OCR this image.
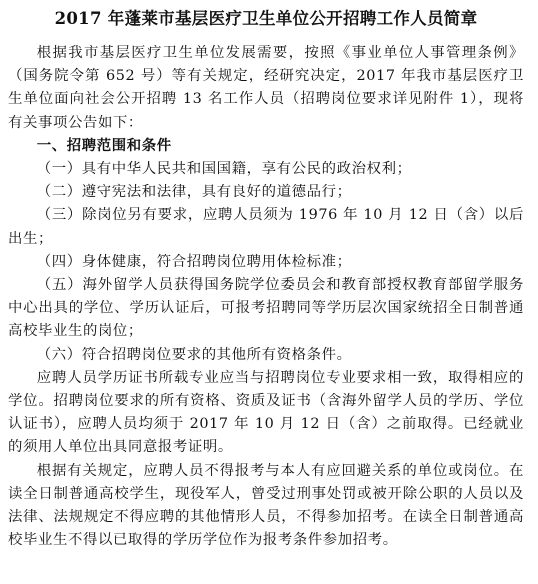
2017 年蓬莱市基层医疗卫生单位公开招聘工作人员简章

根据我市基层医疗卫生单位发展需要，按照《事业单位人事管理条例》（国务院令第 652 号）等有关规定，经研究决定，2017 年我市基层医疗卫生单位面向社会公开招聘 13 名工作人员（招聘岗位要求详见附件 1），现将有关事项公告如下：

一、招聘范围和条件

（一）具有中华人民共和国国籍，享有公民的政治权利；

（二）遵守宪法和法律，具有良好的道德品行；

（三）除岗位另有要求，应聘人员须为 1976 年 10 月 12 日（含）以后出生；

（四）身体健康，符合招聘岗位聘用体检标准；

（五）海外留学人员获得国务院学位委员会和教育部授权教育部留学服务中心出具的学位、学历认证后，可报考招聘同等学历层次国家统招全日制普通高校毕业生的岗位；

（六）符合招聘岗位要求的其他所有资格条件。

应聘人员学历证书所载专业应当与招聘岗位专业要求相一致，取得相应的学位。招聘岗位要求的所有资格、资质及证书（含海外留学人员的学历、学位认证书），应聘人员均须于 2017 年 10 月 12 日（含）之前取得。已经就业的须用人单位出具同意报考证明。

根据有关规定，应聘人员不得报考与本人有应回避关系的单位或岗位。在读全日制普通高校学生，现役军人，曾受过刑事处罚或被开除公职的人员以及法律、法规规定不得应聘的其他情形人员，不得参加招考。在读全日制普通高校毕业生不得以已取得的学历学位作为报考条件参加招考。
